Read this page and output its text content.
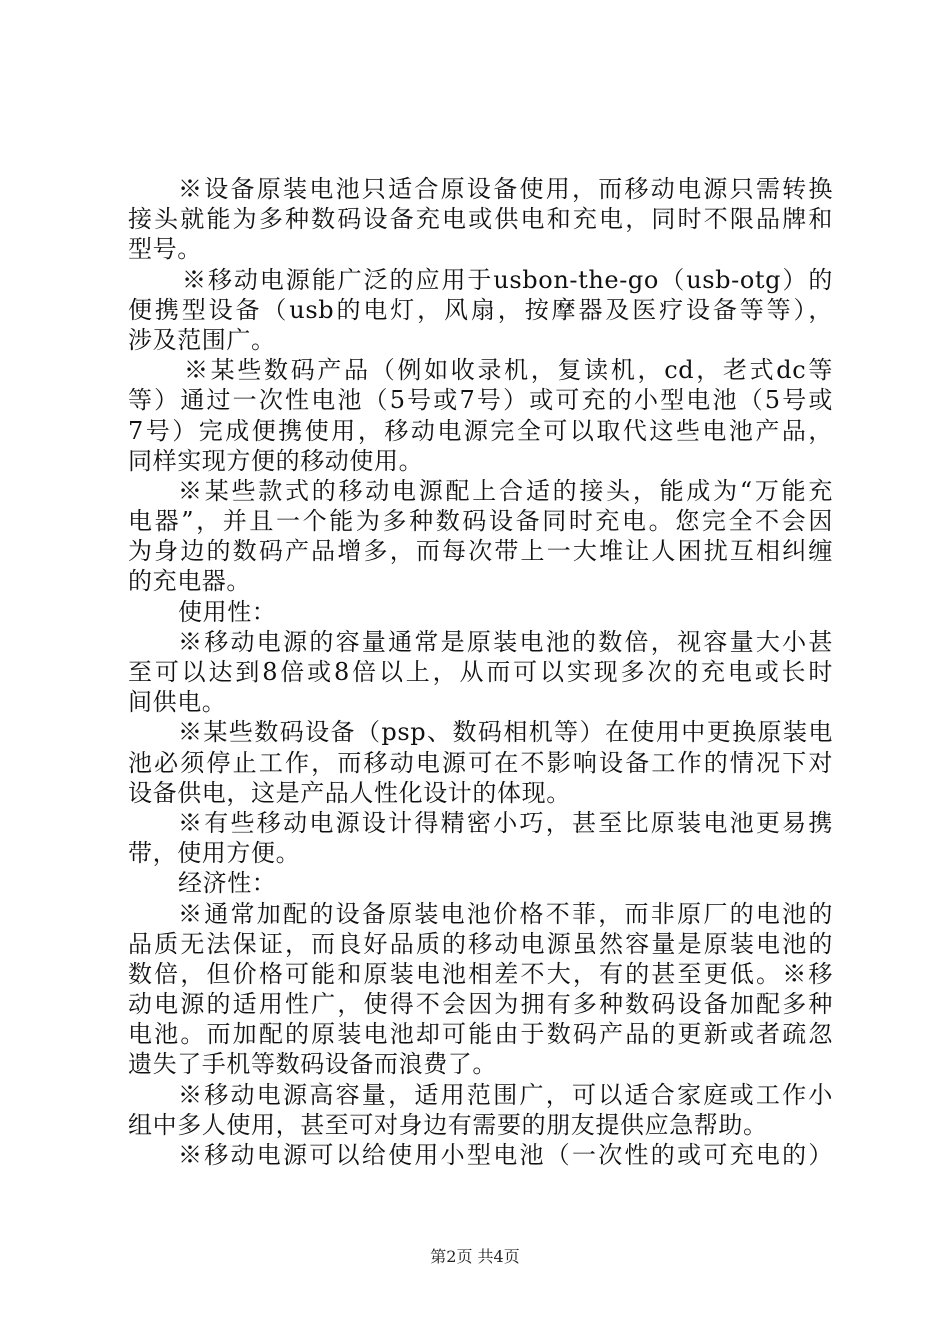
※设备原装电池只适合原设备使用，而移动电源只需转换
接头就能为多种数码设备充电或供电和充电，同时不限品牌和
型号。
※移动电源能广泛的应用于usbon-the-go（usb-otg）的
便携型设备（usb的电灯，风扇，按摩器及医疗设备等等），
涉及范围广。
※某些数码产品（例如收录机，复读机，cd，老式dc等
等）通过一次性电池（5号或7号）或可充的小型电池（5号或
7号）完成便携使用，移动电源完全可以取代这些电池产品，
同样实现方便的移动使用。
※某些款式的移动电源配上合适的接头，能成为“万能充
电器”，并且一个能为多种数码设备同时充电。您完全不会因
为身边的数码产品增多，而每次带上一大堆让人困扰互相纠缠
的充电器。
使用性：
※移动电源的容量通常是原装电池的数倍，视容量大小甚
至可以达到8倍或8倍以上，从而可以实现多次的充电或长时
间供电。
※某些数码设备（psp、数码相机等）在使用中更换原装电
池必须停止工作，而移动电源可在不影响设备工作的情况下对
设备供电，这是产品人性化设计的体现。
※有些移动电源设计得精密小巧，甚至比原装电池更易携
带，使用方便。
经济性：
※通常加配的设备原装电池价格不菲，而非原厂的电池的
品质无法保证，而良好品质的移动电源虽然容量是原装电池的
数倍，但价格可能和原装电池相差不大，有的甚至更低。※移
动电源的适用性广，使得不会因为拥有多种数码设备加配多种
电池。而加配的原装电池却可能由于数码产品的更新或者疏忽
遗失了手机等数码设备而浪费了。
※移动电源高容量，适用范围广，可以适合家庭或工作小
组中多人使用，甚至可对身边有需要的朋友提供应急帮助。
※移动电源可以给使用小型电池（一次性的或可充电的）
第2页 共4页
